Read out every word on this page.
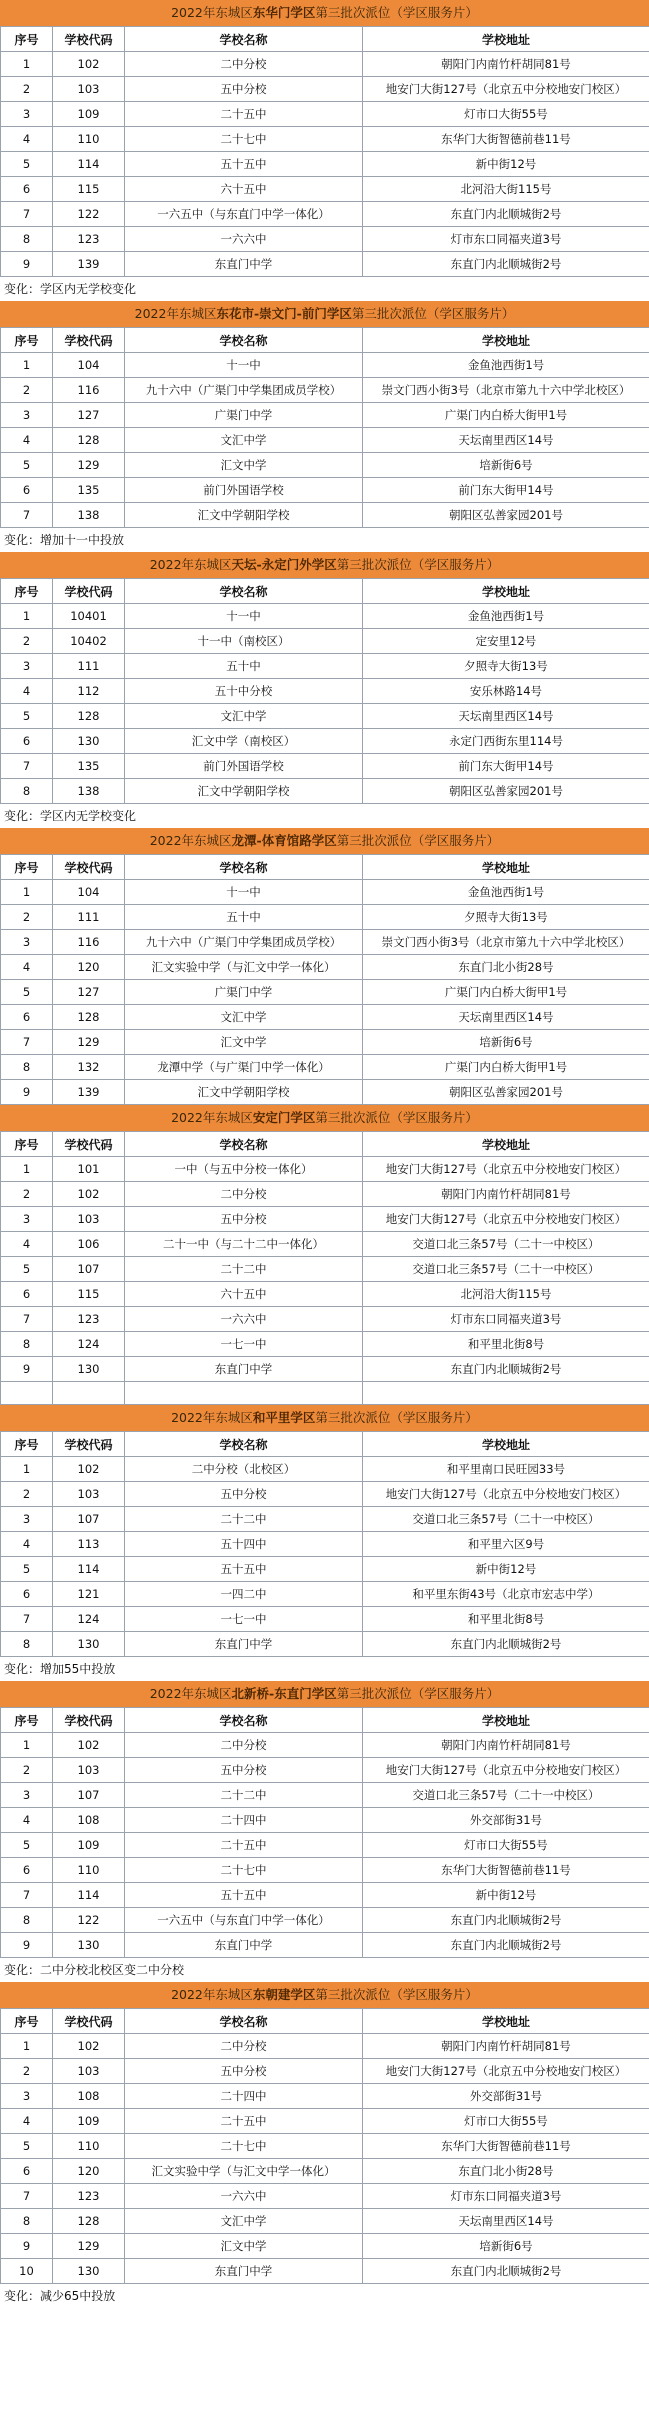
2022年东城区东华门学区第三批次派位（学区服务片）
序号	学校代码	学校名称	学校地址
1	102	二中分校	朝阳门内南竹杆胡同81号
2	103	五中分校	地安门大街127号（北京五中分校地安门校区）
3	109	二十五中	灯市口大街55号
4	110	二十七中	东华门大街智德前巷11号
5	114	五十五中	新中街12号
6	115	六十五中	北河沿大街115号
7	122	一六五中（与东直门中学一体化）	东直门内北顺城街2号
8	123	一六六中	灯市东口同福夹道3号
9	139	东直门中学	东直门内北顺城街2号
变化：学区内无学校变化
2022年东城区东花市-崇文门-前门学区第三批次派位（学区服务片）
序号	学校代码	学校名称	学校地址
1	104	十一中	金鱼池西街1号
2	116	九十六中（广渠门中学集团成员学校）	崇文门西小街3号（北京市第九十六中学北校区）
3	127	广渠门中学	广渠门内白桥大街甲1号
4	128	文汇中学	天坛南里西区14号
5	129	汇文中学	培新街6号
6	135	前门外国语学校	前门东大街甲14号
7	138	汇文中学朝阳学校	朝阳区弘善家园201号
变化：增加十一中投放
2022年东城区天坛-永定门外学区第三批次派位（学区服务片）
序号	学校代码	学校名称	学校地址
1	10401	十一中	金鱼池西街1号
2	10402	十一中（南校区）	定安里12号
3	111	五十中	夕照寺大街13号
4	112	五十中分校	安乐林路14号
5	128	文汇中学	天坛南里西区14号
6	130	汇文中学（南校区）	永定门西街东里114号
7	135	前门外国语学校	前门东大街甲14号
8	138	汇文中学朝阳学校	朝阳区弘善家园201号
变化：学区内无学校变化
2022年东城区龙潭-体育馆路学区第三批次派位（学区服务片）
序号	学校代码	学校名称	学校地址
1	104	十一中	金鱼池西街1号
2	111	五十中	夕照寺大街13号
3	116	九十六中（广渠门中学集团成员学校）	崇文门西小街3号（北京市第九十六中学北校区）
4	120	汇文实验中学（与汇文中学一体化）	东直门北小街28号
5	127	广渠门中学	广渠门内白桥大街甲1号
6	128	文汇中学	天坛南里西区14号
7	129	汇文中学	培新街6号
8	132	龙潭中学（与广渠门中学一体化）	广渠门内白桥大街甲1号
9	139	汇文中学朝阳学校	朝阳区弘善家园201号
2022年东城区安定门学区第三批次派位（学区服务片）
序号	学校代码	学校名称	学校地址
1	101	一中（与五中分校一体化）	地安门大街127号（北京五中分校地安门校区）
2	102	二中分校	朝阳门内南竹杆胡同81号
3	103	五中分校	地安门大街127号（北京五中分校地安门校区）
4	106	二十一中（与二十二中一体化）	交道口北三条57号（二十一中校区）
5	107	二十二中	交道口北三条57号（二十一中校区）
6	115	六十五中	北河沿大街115号
7	123	一六六中	灯市东口同福夹道3号
8	124	一七一中	和平里北街8号
9	130	东直门中学	东直门内北顺城街2号

2022年东城区和平里学区第三批次派位（学区服务片）
序号	学校代码	学校名称	学校地址
1	102	二中分校（北校区）	和平里南口民旺园33号
2	103	五中分校	地安门大街127号（北京五中分校地安门校区）
3	107	二十二中	交道口北三条57号（二十一中校区）
4	113	五十四中	和平里六区9号
5	114	五十五中	新中街12号
6	121	一四二中	和平里东街43号（北京市宏志中学）
7	124	一七一中	和平里北街8号
8	130	东直门中学	东直门内北顺城街2号
变化：增加55中投放
2022年东城区北新桥-东直门学区第三批次派位（学区服务片）
序号	学校代码	学校名称	学校地址
1	102	二中分校	朝阳门内南竹杆胡同81号
2	103	五中分校	地安门大街127号（北京五中分校地安门校区）
3	107	二十二中	交道口北三条57号（二十一中校区）
4	108	二十四中	外交部街31号
5	109	二十五中	灯市口大街55号
6	110	二十七中	东华门大街智德前巷11号
7	114	五十五中	新中街12号
8	122	一六五中（与东直门中学一体化）	东直门内北顺城街2号
9	130	东直门中学	东直门内北顺城街2号
变化：二中分校北校区变二中分校
2022年东城区东朝建学区第三批次派位（学区服务片）
序号	学校代码	学校名称	学校地址
1	102	二中分校	朝阳门内南竹杆胡同81号
2	103	五中分校	地安门大街127号（北京五中分校地安门校区）
3	108	二十四中	外交部街31号
4	109	二十五中	灯市口大街55号
5	110	二十七中	东华门大街智德前巷11号
6	120	汇文实验中学（与汇文中学一体化）	东直门北小街28号
7	123	一六六中	灯市东口同福夹道3号
8	128	文汇中学	天坛南里西区14号
9	129	汇文中学	培新街6号
10	130	东直门中学	东直门内北顺城街2号
变化：减少65中投放
